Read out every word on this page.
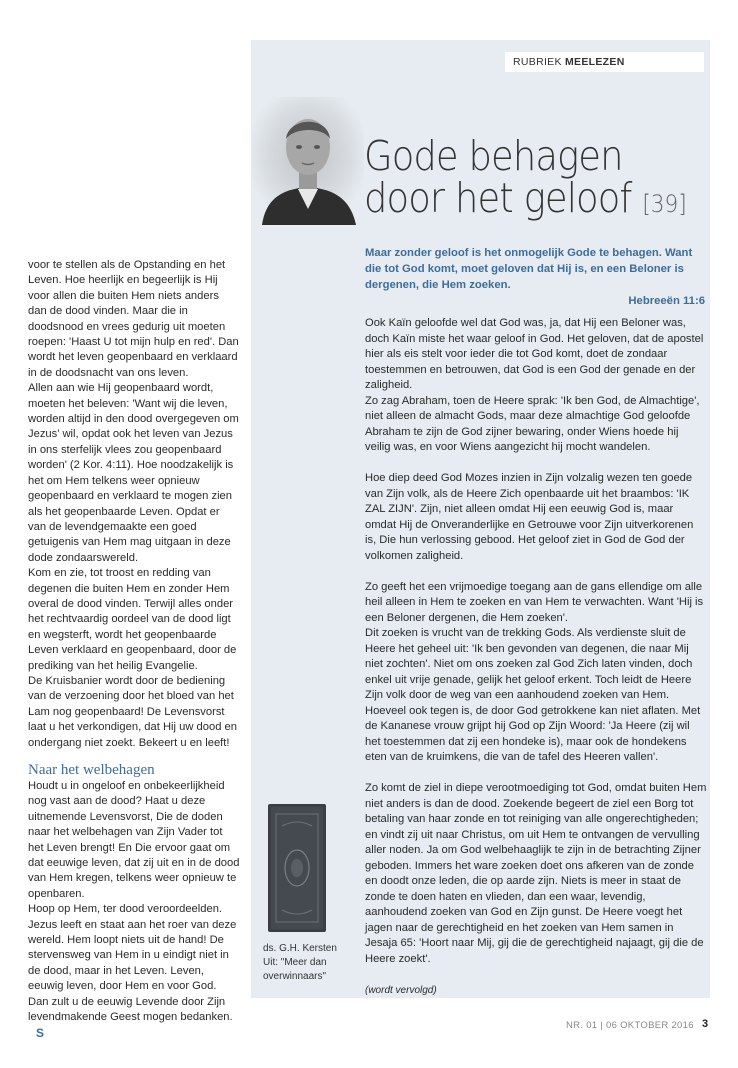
RUBRIEK MEELEZEN
Gode behagen
door het geloof [39]
Maar zonder geloof is het onmogelijk Gode te behagen. Want die tot God komt, moet geloven dat Hij is, en een Beloner is dergenen, die Hem zoeken.
Hebreeën 11:6

Ook Kaïn geloofde wel dat God was, ja, dat Hij een Beloner was, doch Kaïn miste het waar geloof in God. Het geloven, dat de apostel hier als eis stelt voor ieder die tot God komt, doet de zondaar toestemmen en betrouwen, dat God is een God der genade en der zaligheid.
Zo zag Abraham, toen de Heere sprak: 'Ik ben God, de Almachtige', niet alleen de almacht Gods, maar deze almachtige God geloofde Abraham te zijn de God zijner bewaring, onder Wiens hoede hij veilig was, en voor Wiens aangezicht hij mocht wandelen.

Hoe diep deed God Mozes inzien in Zijn volzalig wezen ten goede van Zijn volk, als de Heere Zich openbaarde uit het braambos: 'IK ZAL ZIJN'. Zijn, niet alleen omdat Hij een eeuwig God is, maar omdat Hij de Onveranderlijke en Getrouwe voor Zijn uitverkorenen is, Die hun verlossing gebood. Het geloof ziet in God de God der volkomen zaligheid.

Zo geeft het een vrijmoedige toegang aan de gans ellendige om alle heil alleen in Hem te zoeken en van Hem te verwachten. Want 'Hij is een Beloner dergenen, die Hem zoeken'.
Dit zoeken is vrucht van de trekking Gods. Als verdienste sluit de Heere het geheel uit: 'Ik ben gevonden van degenen, die naar Mij niet zochten'. Niet om ons zoeken zal God Zich laten vinden, doch enkel uit vrije genade, gelijk het geloof erkent. Toch leidt de Heere Zijn volk door de weg van een aanhoudend zoeken van Hem. Hoeveel ook tegen is, de door God getrokkene kan niet aflaten. Met de Kananese vrouw grijpt hij God op Zijn Woord: 'Ja Heere (zij wil het toestemmen dat zij een hondeke is), maar ook de hondekens eten van de kruimkens, die van de tafel des Heeren vallen'.

Zo komt de ziel in diepe verootmoediging tot God, omdat buiten Hem niet anders is dan de dood. Zoekende begeert de ziel een Borg tot betaling van haar zonde en tot reiniging van alle ongerechtigheden; en vindt zij uit naar Christus, om uit Hem te ontvangen de vervulling aller noden. Ja om God welbehaaglijk te zijn in de betrachting Zijner geboden. Immers het ware zoeken doet ons afkeren van de zonde en doodt onze leden, die op aarde zijn. Niets is meer in staat de zonde te doen haten en vlieden, dan een waar, levendig, aanhoudend zoeken van God en Zijn gunst. De Heere voegt het jagen naar de gerechtigheid en het zoeken van Hem samen in Jesaja 65: 'Hoort naar Mij, gij die de gerechtigheid najaagt, gij die de Heere zoekt'.

(wordt vervolgd)

voor te stellen als de Opstanding en het Leven. Hoe heerlijk en begeerlijk is Hij voor allen die buiten Hem niets anders dan de dood vinden. Maar die in doodsnood en vrees gedurig uit moeten roepen: 'Haast U tot mijn hulp en red'. Dan wordt het leven geopenbaard en verklaard in de doodsnacht van ons leven.
Allen aan wie Hij geopenbaard wordt, moeten het beleven: 'Want wij die leven, worden altijd in den dood overgegeven om Jezus' wil, opdat ook het leven van Jezus in ons sterfelijk vlees zou geopenbaard worden' (2 Kor. 4:11). Hoe noodzakelijk is het om Hem telkens weer opnieuw geopenbaard en verklaard te mogen zien als het geopenbaarde Leven. Opdat er van de levendgemaakte een goed getuigenis van Hem mag uitgaan in deze dode zondaarswereld.
Kom en zie, tot troost en redding van degenen die buiten Hem en zonder Hem overal de dood vinden. Terwijl alles onder het rechtvaardig oordeel van de dood ligt en wegsterft, wordt het geopenbaarde Leven verklaard en geopenbaard, door de prediking van het heilig Evangelie.
De Kruisbanier wordt door de bediening van de verzoening door het bloed van het Lam nog geopenbaard! De Levensvorst laat u het verkondigen, dat Hij uw dood en ondergang niet zoekt. Bekeert u en leeft!

Naar het welbehagen

Houdt u in ongeloof en onbekeerlijkheid nog vast aan de dood? Haat u deze uitnemende Levensvorst, Die de doden naar het welbehagen van Zijn Vader tot het Leven brengt! En Die ervoor gaat om dat eeuwige leven, dat zij uit en in de dood van Hem kregen, telkens weer opnieuw te openbaren.
Hoop op Hem, ter dood veroordeelden. Jezus leeft en staat aan het roer van deze wereld. Hem loopt niets uit de hand! De stervensweg van Hem in u eindigt niet in de dood, maar in het Leven. Leven, eeuwig leven, door Hem en voor God. Dan zult u de eeuwig Levende door Zijn levendmakende Geest mogen bedanken.S

ds. G.H. Kersten
Uit: "Meer dan
overwinnaars"
NR. 01 | 06 OKTOBER 2016 3
